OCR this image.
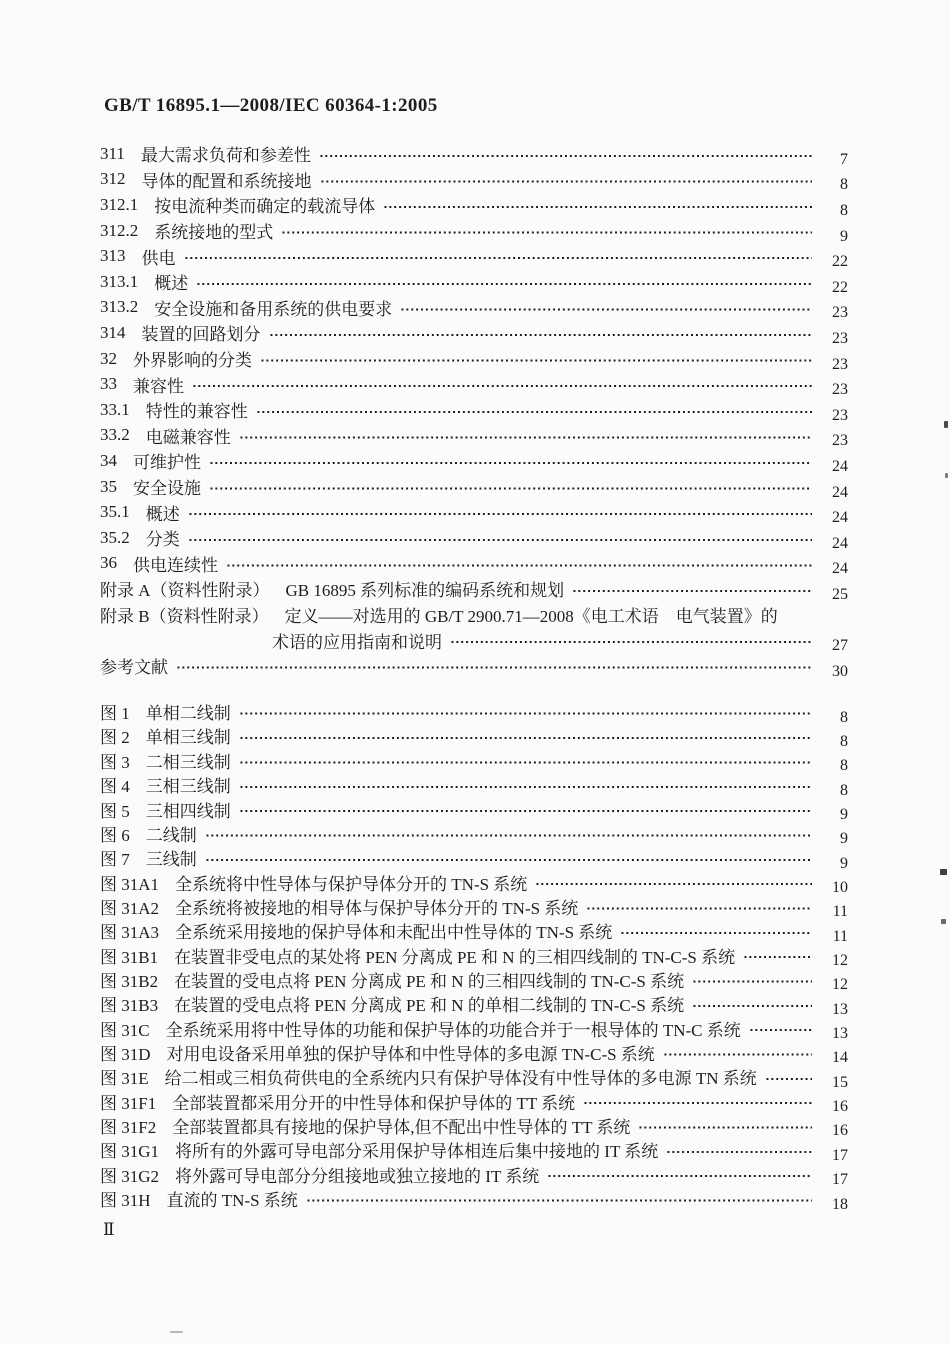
GB/T 16895.1—2008/IEC 60364-1:2005
311 最大需求负荷和参差性	7
312 导体的配置和系统接地	8
312.1 按电流种类而确定的载流导体	8
312.2 系统接地的型式	9
313 供电	22
313.1 概述	22
313.2 安全设施和备用系统的供电要求	23
314 装置的回路划分	23
32 外界影响的分类	23
33 兼容性	23
33.1 特性的兼容性	23
33.2 电磁兼容性	23
34 可维护性	24
35 安全设施	24
35.1 概述	24
35.2 分类	24
36 供电连续性	24
附录 A（资料性附录） GB 16895 系列标准的编码系统和规划	25
附录 B（资料性附录） 定义——对选用的 GB/T 2900.71—2008《电工术语　电气装置》的
术语的应用指南和说明	27
参考文献	30
图 1 单相二线制	8
图 2 单相三线制	8
图 3 二相三线制	8
图 4 三相三线制	8
图 5 三相四线制	9
图 6 二线制	9
图 7 三线制	9
图 31A1 全系统将中性导体与保护导体分开的 TN-S 系统	10
图 31A2 全系统将被接地的相导体与保护导体分开的 TN-S 系统	11
图 31A3 全系统采用接地的保护导体和未配出中性导体的 TN-S 系统	11
图 31B1 在装置非受电点的某处将 PEN 分离成 PE 和 N 的三相四线制的 TN-C-S 系统	12
图 31B2 在装置的受电点将 PEN 分离成 PE 和 N 的三相四线制的 TN-C-S 系统	12
图 31B3 在装置的受电点将 PEN 分离成 PE 和 N 的单相二线制的 TN-C-S 系统	13
图 31C 全系统采用将中性导体的功能和保护导体的功能合并于一根导体的 TN-C 系统	13
图 31D 对用电设备采用单独的保护导体和中性导体的多电源 TN-C-S 系统	14
图 31E 给二相或三相负荷供电的全系统内只有保护导体没有中性导体的多电源 TN 系统	15
图 31F1 全部装置都采用分开的中性导体和保护导体的 TT 系统	16
图 31F2 全部装置都具有接地的保护导体,但不配出中性导体的 TT 系统	16
图 31G1 将所有的外露可导电部分采用保护导体相连后集中接地的 IT 系统	17
图 31G2 将外露可导电部分分组接地或独立接地的 IT 系统	17
图 31H 直流的 TN-S 系统	18
Ⅱ
